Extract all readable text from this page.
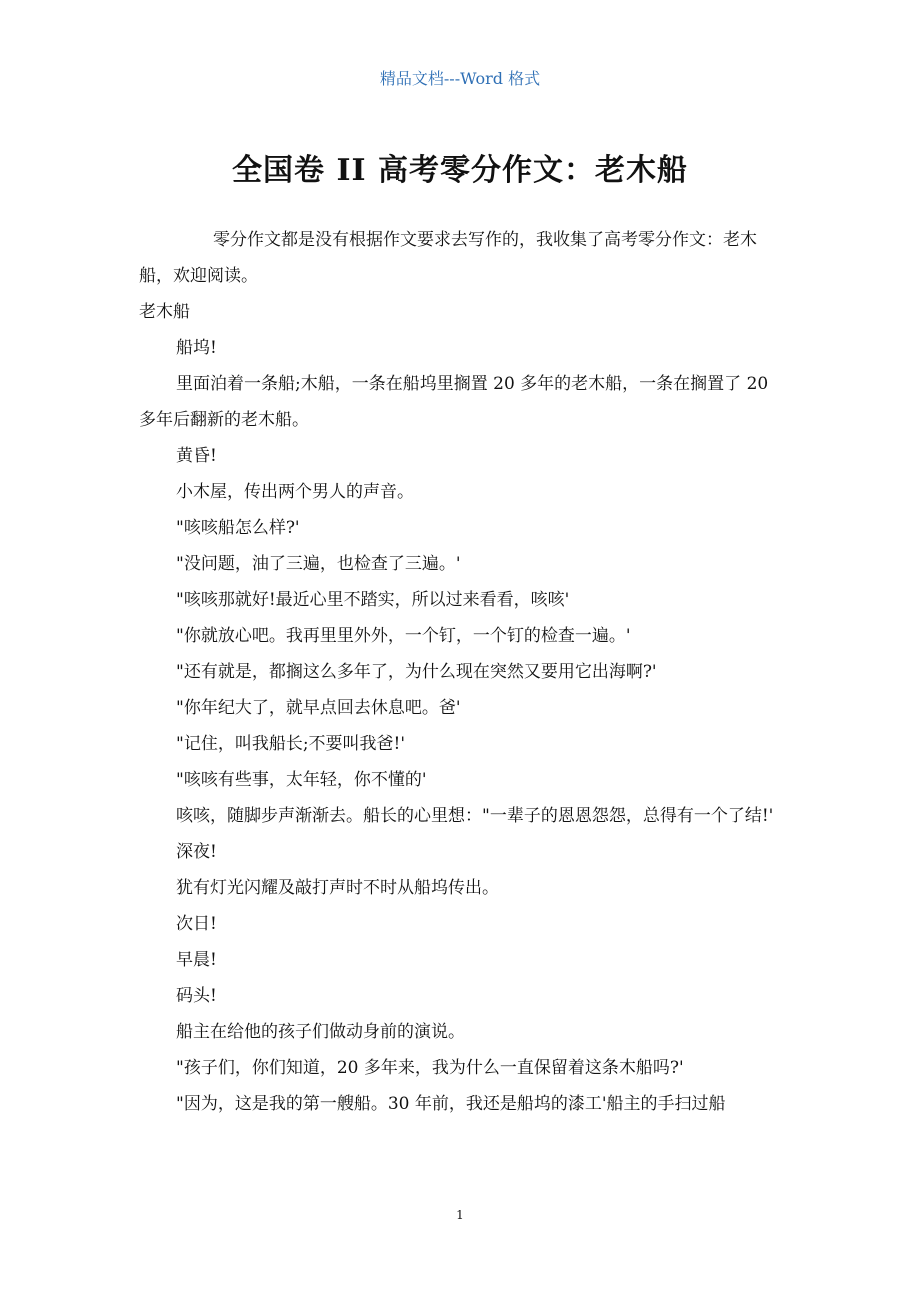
精品文档---Word 格式
全国卷 II 高考零分作文：老木船

零分作文都是没有根据作文要求去写作的，我收集了高考零分作文：老木船，欢迎阅读。

老木船

船坞!

里面泊着一条船;木船，一条在船坞里搁置 20 多年的老木船，一条在搁置了 20 多年后翻新的老木船。

黄昏!

小木屋，传出两个男人的声音。

"咳咳船怎么样?'

"没问题，油了三遍，也检查了三遍。'

"咳咳那就好!最近心里不踏实，所以过来看看，咳咳'

"你就放心吧。我再里里外外，一个钉，一个钉的检查一遍。'

"还有就是，都搁这么多年了，为什么现在突然又要用它出海啊?'

"你年纪大了，就早点回去休息吧。爸'

"记住，叫我船长;不要叫我爸!'

"咳咳有些事，太年轻，你不懂的'

咳咳，随脚步声渐渐去。船长的心里想："一辈子的恩恩怨怨，总得有一个了结!'

深夜!

犹有灯光闪耀及敲打声时不时从船坞传出。

次日!

早晨!

码头!

船主在给他的孩子们做动身前的演说。

"孩子们，你们知道，20 多年来，我为什么一直保留着这条木船吗?'

"因为，这是我的第一艘船。30 年前，我还是船坞的漆工'船主的手扫过船

1
